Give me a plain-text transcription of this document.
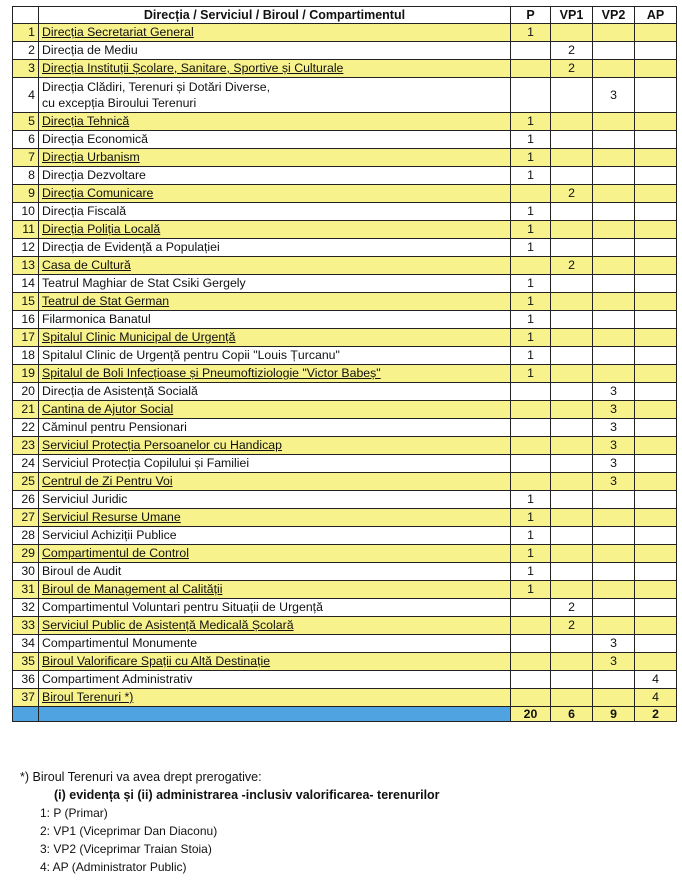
	Direcția / Serviciul / Biroul / Compartimentul	P	VP1	VP2	AP
1	Direcția Secretariat General	1			
2	Direcția de Mediu		2		
3	Direcția Instituții Școlare, Sanitare, Sportive și Culturale		2		
4	Direcția Clădiri, Terenuri și Dotări Diverse,
cu excepția Biroului Terenuri			3	
5	Direcția Tehnică	1			
6	Direcția Economică	1			
7	Direcția Urbanism	1			
8	Direcția Dezvoltare	1			
9	Direcția Comunicare		2		
10	Direcția Fiscală	1			
11	Direcția Poliția Locală	1			
12	Direcția de Evidență a Populației	1			
13	Casa de Cultură		2		
14	Teatrul Maghiar de Stat Csiki Gergely	1			
15	Teatrul de Stat German	1			
16	Filarmonica Banatul	1			
17	Spitalul Clinic Municipal de Urgență	1			
18	Spitalul Clinic de Urgență pentru Copii "Louis Țurcanu"	1			
19	Spitalul de Boli Infecțioase și Pneumoftiziologie "Victor Babeș"	1			
20	Direcția de Asistență Socială			3	
21	Cantina de Ajutor Social			3	
22	Căminul pentru Pensionari			3	
23	Serviciul Protecția Persoanelor cu Handicap			3	
24	Serviciul Protecția Copilului și Familiei			3	
25	Centrul de Zi Pentru Voi			3	
26	Serviciul Juridic	1			
27	Serviciul Resurse Umane	1			
28	Serviciul Achiziții Publice	1			
29	Compartimentul de Control	1			
30	Biroul de Audit	1			
31	Biroul de Management al Calității	1			
32	Compartimentul Voluntari pentru Situații de Urgență		2		
33	Serviciul Public de Asistență Medicală Școlară		2		
34	Compartimentul Monumente			3	
35	Biroul Valorificare Spații cu Altă Destinație			3	
36	Compartiment Administrativ				4
37	Biroul Terenuri *)				4
		20	6	9	2
*) Biroul Terenuri va avea drept prerogative:
(i) evidența și (ii) administrarea -inclusiv valorificarea- terenurilor
1: P (Primar)
2: VP1 (Viceprimar Dan Diaconu)
3: VP2 (Viceprimar Traian Stoia)
4: AP (Administrator Public)
